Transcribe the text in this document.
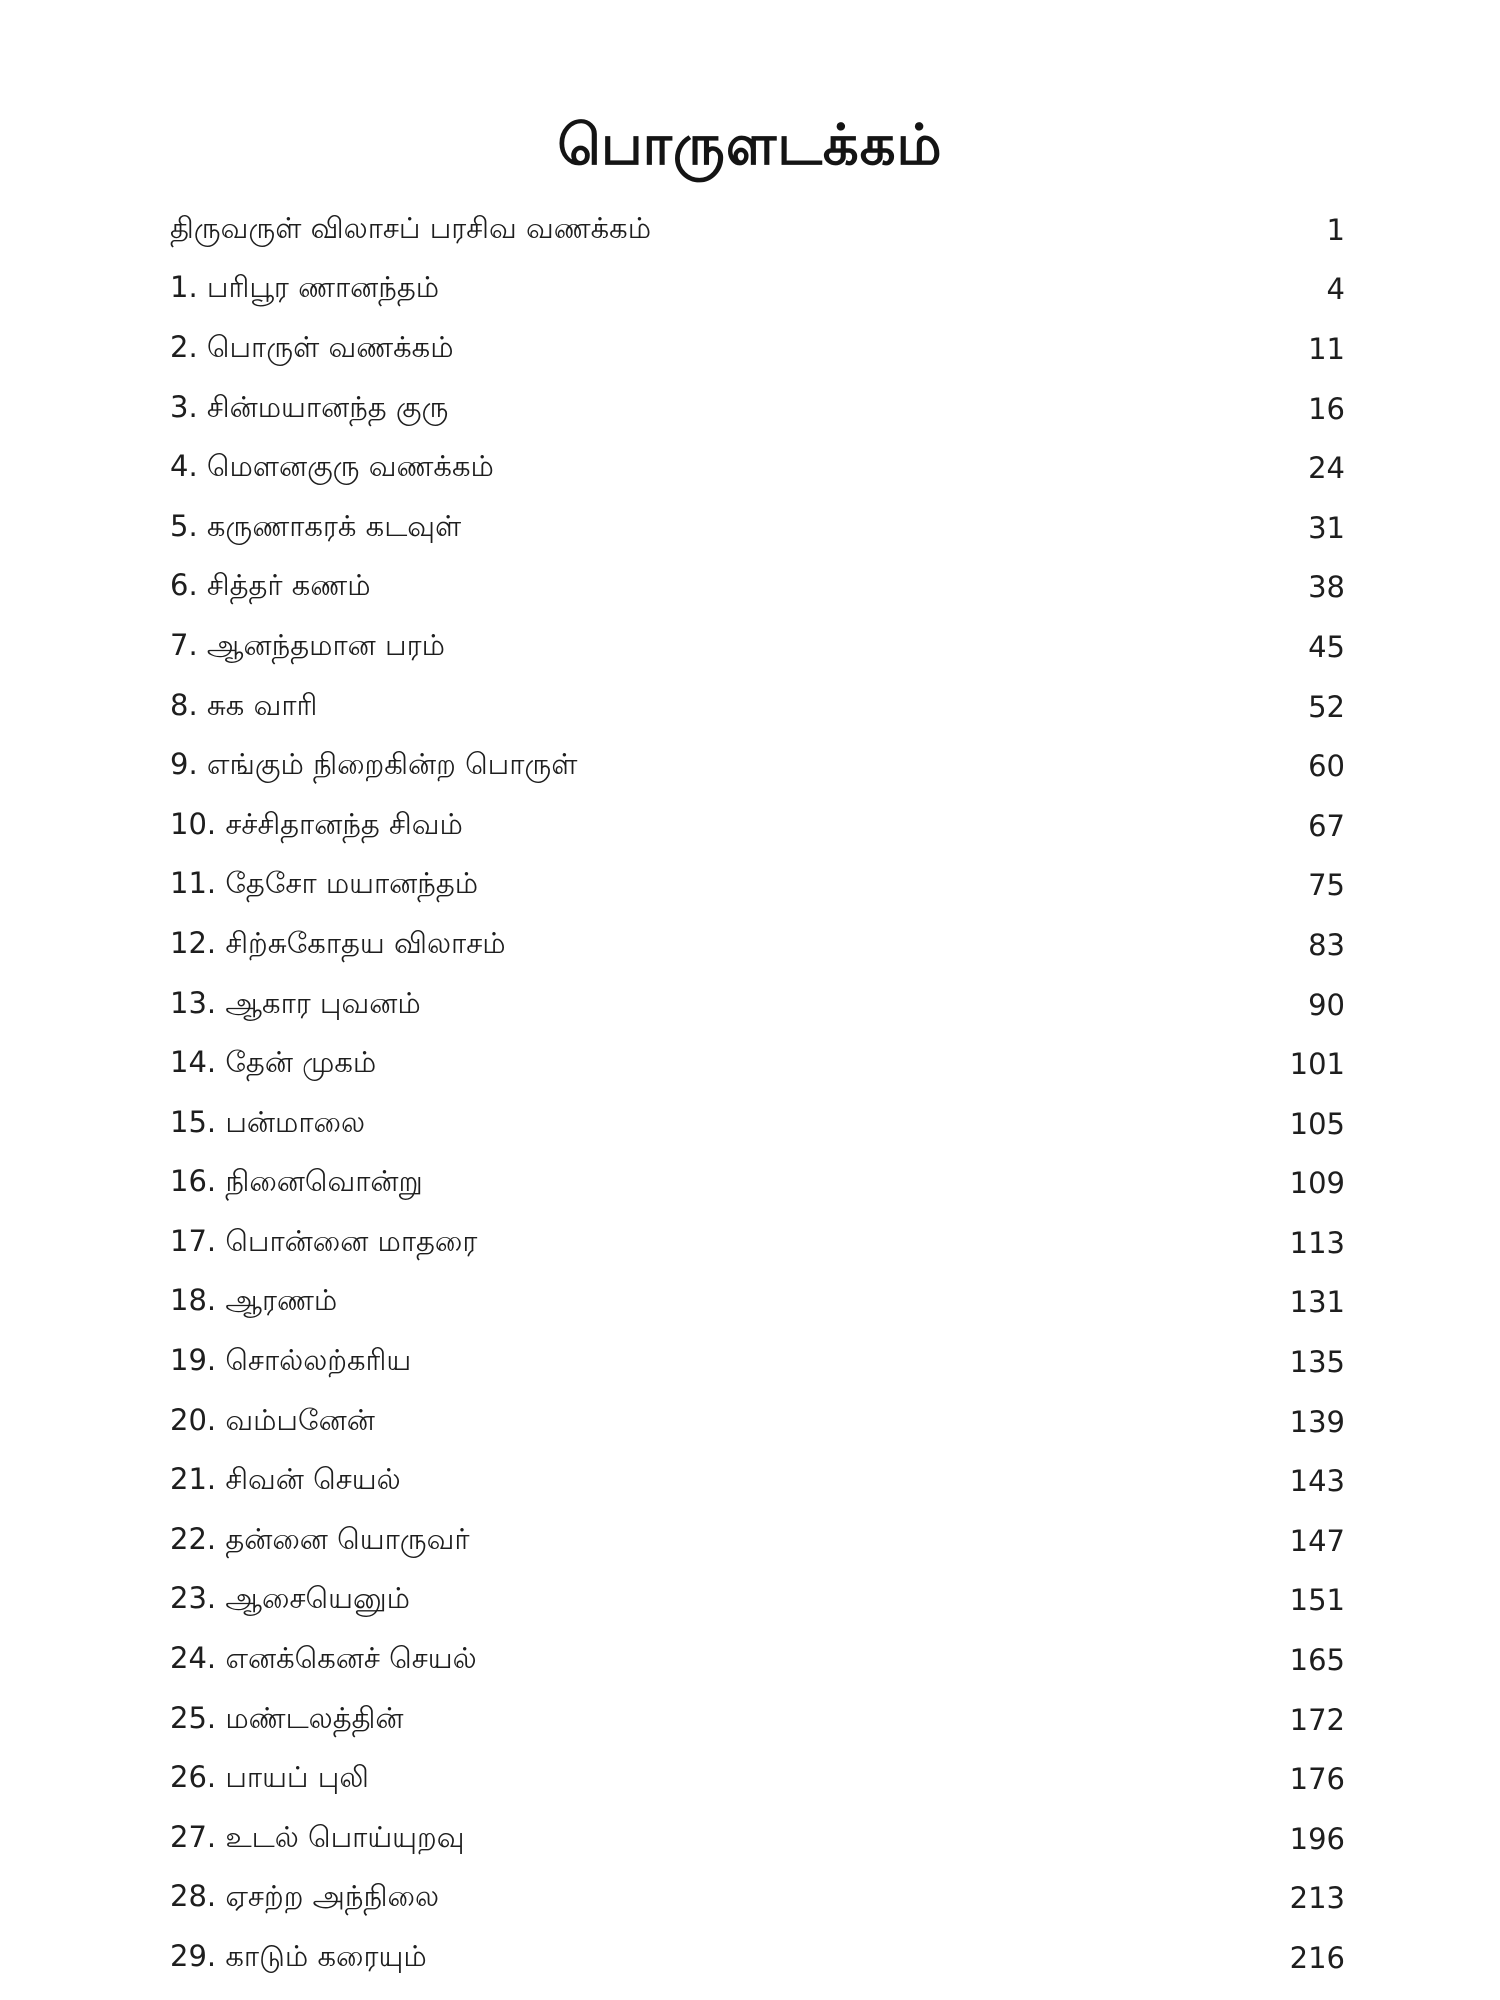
பொருளடக்கம்
திருவருள் விலாசப் பரசிவ வணக்கம்	1
1. பரிபூர ணானந்தம்	4
2. பொருள் வணக்கம்	11
3. சின்மயானந்த குரு	16
4. மௌனகுரு வணக்கம்	24
5. கருணாகரக் கடவுள்	31
6. சித்தர் கணம்	38
7. ஆனந்தமான பரம்	45
8. சுக வாரி	52
9. எங்கும் நிறைகின்ற பொருள்	60
10. சச்சிதானந்த சிவம்	67
11. தேசோ மயானந்தம்	75
12. சிற்சுகோதய விலாசம்	83
13. ஆகார புவனம்	90
14. தேன் முகம்	101
15. பன்மாலை	105
16. நினைவொன்று	109
17. பொன்னை மாதரை	113
18. ஆரணம்	131
19. சொல்லற்கரிய	135
20. வம்பனேன்	139
21. சிவன் செயல்	143
22. தன்னை யொருவர்	147
23. ஆசையெனும்	151
24. எனக்கெனச் செயல்	165
25. மண்டலத்தின்	172
26. பாயப் புலி	176
27. உடல் பொய்யுறவு	196
28. ஏசற்ற அந்நிலை	213
29. காடும் கரையும்	216
